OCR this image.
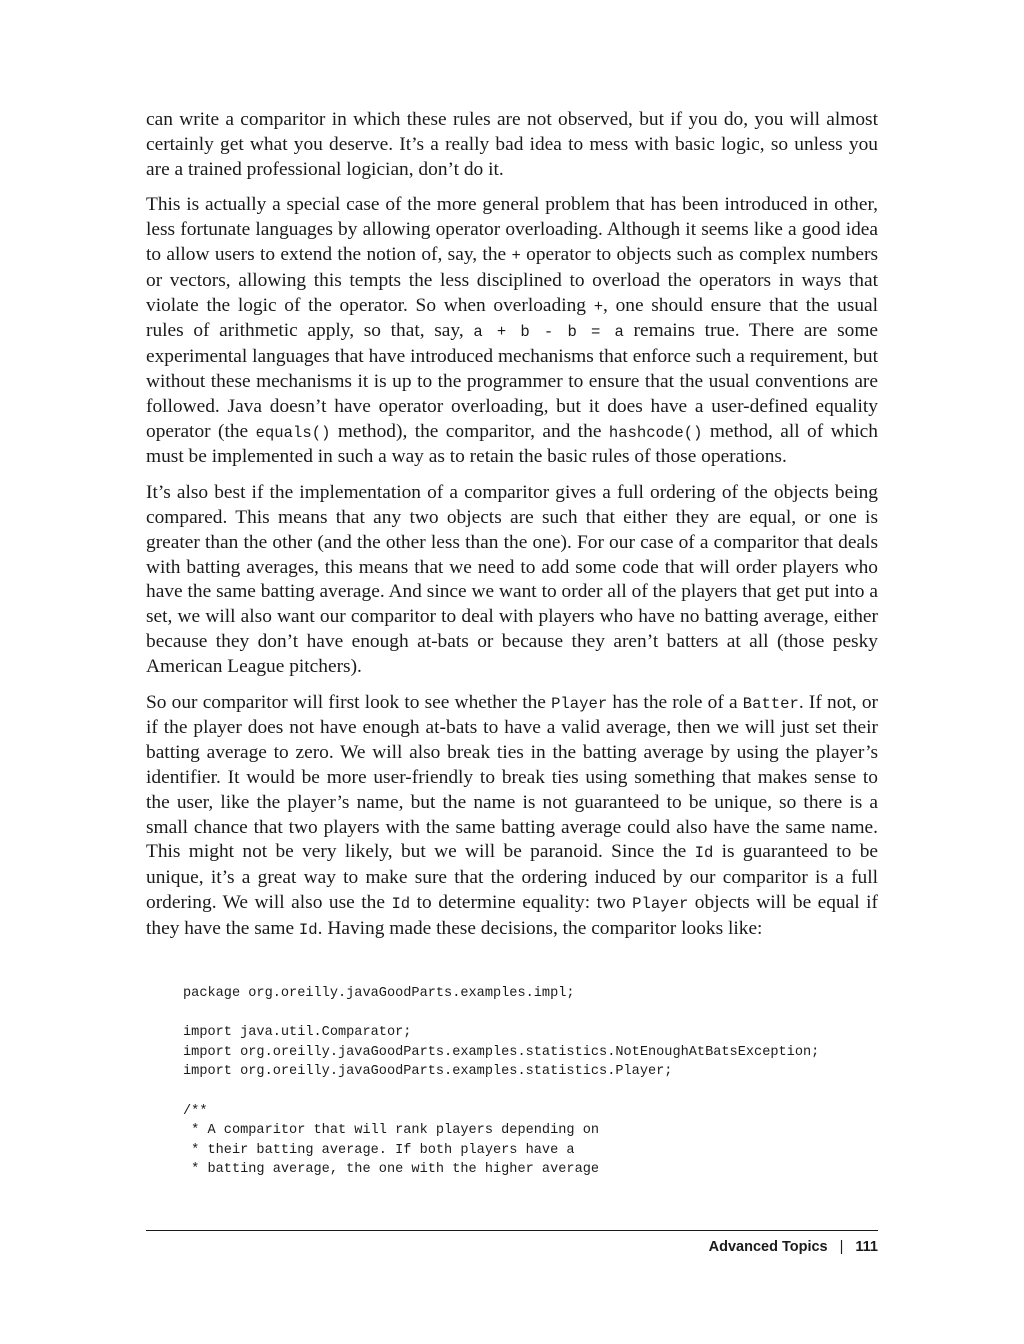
can write a comparitor in which these rules are not observed, but if you do, you will almost certainly get what you deserve. It’s a really bad idea to mess with basic logic, so unless you are a trained professional logician, don’t do it.

This is actually a special case of the more general problem that has been introduced in other, less fortunate languages by allowing operator overloading. Although it seems like a good idea to allow users to extend the notion of, say, the + operator to objects such as complex numbers or vectors, allowing this tempts the less disciplined to overload the operators in ways that violate the logic of the operator. So when overloading +, one should ensure that the usual rules of arithmetic apply, so that, say, a + b - b = a remains true. There are some experimental languages that have introduced mechanisms that enforce such a requirement, but without these mechanisms it is up to the programmer to ensure that the usual conventions are followed. Java doesn’t have operator overloading, but it does have a user-defined equality operator (the equals() method), the comparitor, and the hashcode() method, all of which must be implemented in such a way as to retain the basic rules of those operations.

It’s also best if the implementation of a comparitor gives a full ordering of the objects being compared. This means that any two objects are such that either they are equal, or one is greater than the other (and the other less than the one). For our case of a comparitor that deals with batting averages, this means that we need to add some code that will order players who have the same batting average. And since we want to order all of the players that get put into a set, we will also want our comparitor to deal with players who have no batting average, either because they don’t have enough at-bats or because they aren’t batters at all (those pesky American League pitchers).

So our comparitor will first look to see whether the Player has the role of a Batter. If not, or if the player does not have enough at-bats to have a valid average, then we will just set their batting average to zero. We will also break ties in the batting average by using the player’s identifier. It would be more user-friendly to break ties using something that makes sense to the user, like the player’s name, but the name is not guaranteed to be unique, so there is a small chance that two players with the same batting average could also have the same name. This might not be very likely, but we will be paranoid. Since the Id is guaranteed to be unique, it’s a great way to make sure that the ordering induced by our comparitor is a full ordering. We will also use the Id to determine equality: two Player objects will be equal if they have the same Id. Having made these decisions, the comparitor looks like:

package org.oreilly.javaGoodParts.examples.impl;
import java.util.Comparator;
import org.oreilly.javaGoodParts.examples.statistics.NotEnoughAtBatsException;
import org.oreilly.javaGoodParts.examples.statistics.Player;
/**
* A comparitor that will rank players depending on
* their batting average. If both players have a
* batting average, the one with the higher average
Advanced Topics | 111
